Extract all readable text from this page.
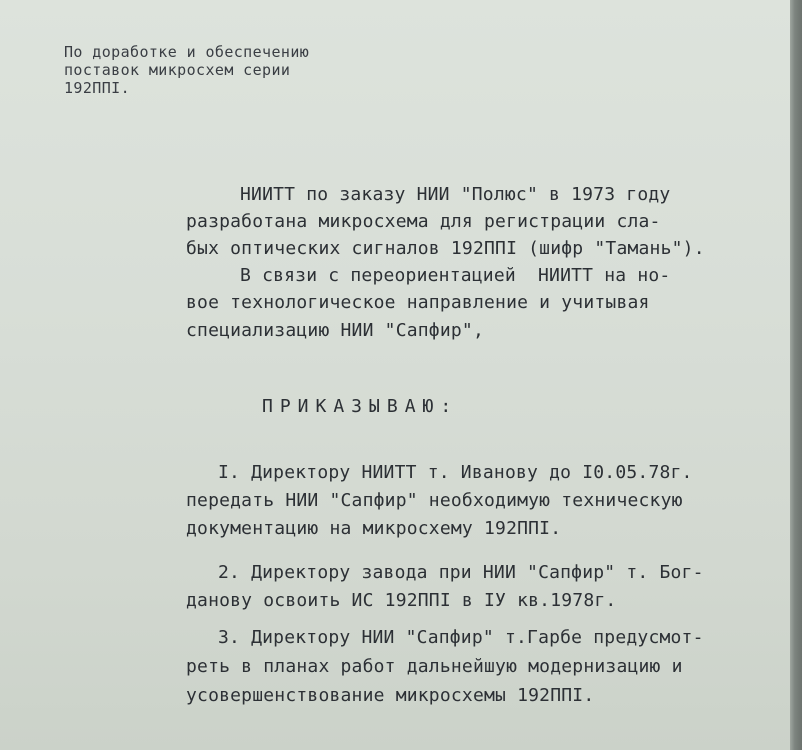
По доработке и обеспечению
поставок микросхем серии
192ППI.
НИИТТ по заказу НИИ "Полюс" в 1973 году
разработана микросхема для регистрации сла-
бых оптических сигналов 192ППI (шифр "Тамань").
В связи с переориентацией  НИИТТ на но-
вое технологическое направление и учитывая
специализацию НИИ "Сапфир",
ПРИКАЗЫВАЮ:
I. Директору НИИТТ т. Иванову до I0.05.78г.
передать НИИ "Сапфир" необходимую техническую
документацию на микросхему 192ППI.
2. Директору завода при НИИ "Сапфир" т. Бог-
данову освоить ИС 192ППI в IУ кв.1978г.
3. Директору НИИ "Сапфир" т.Гарбе предусмот-
реть в планах работ дальнейшую модернизацию и
усовершенствование микросхемы 192ППI.
